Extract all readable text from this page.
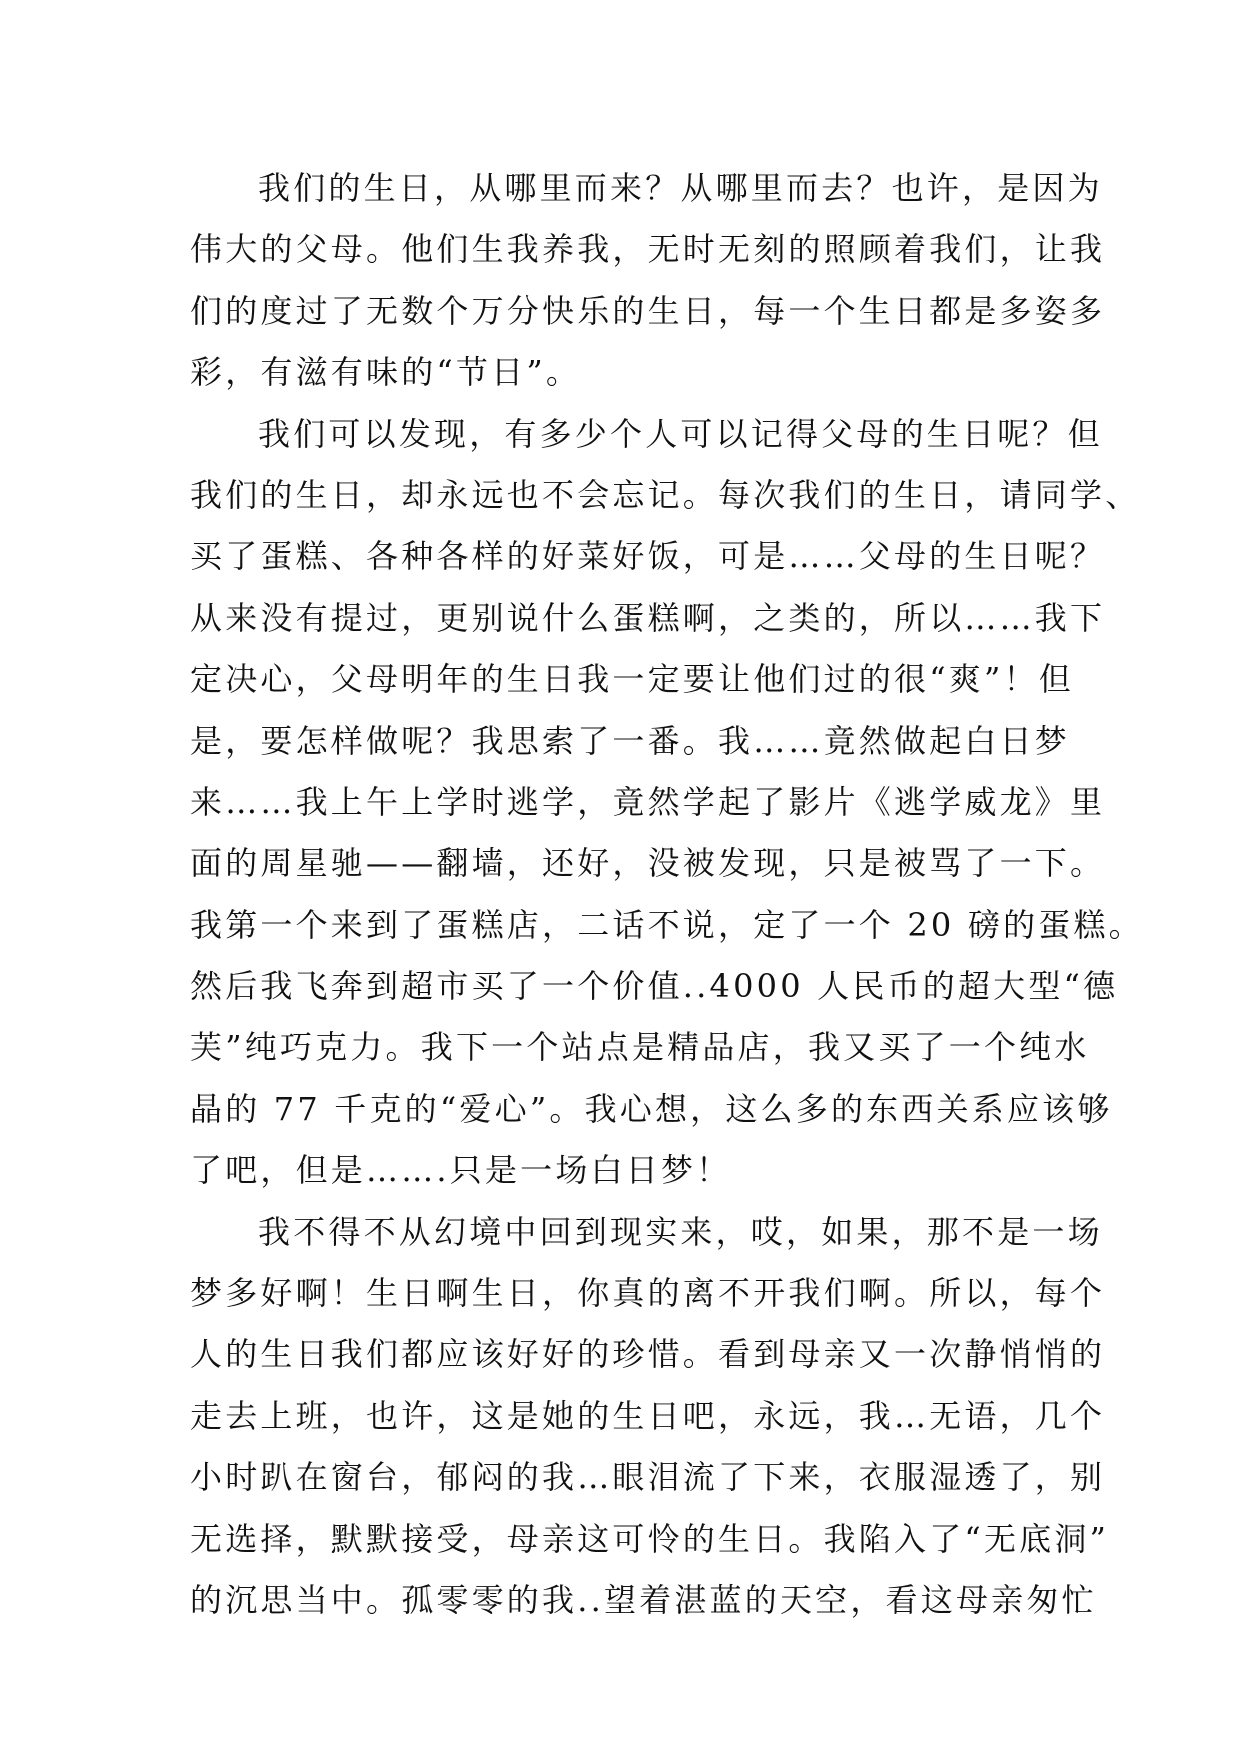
我们的生日，从哪里而来？从哪里而去？也许，是因为
伟大的父母。他们生我养我，无时无刻的照顾着我们，让我
们的度过了无数个万分快乐的生日，每一个生日都是多姿多
彩，有滋有味的“节日”。
我们可以发现，有多少个人可以记得父母的生日呢？但
我们的生日，却永远也不会忘记。每次我们的生日，请同学、
买了蛋糕、各种各样的好菜好饭，可是……父母的生日呢？
从来没有提过，更别说什么蛋糕啊，之类的，所以……我下
定决心，父母明年的生日我一定要让他们过的很“爽”！但
是，要怎样做呢？我思索了一番。我……竟然做起白日梦
来……我上午上学时逃学，竟然学起了影片《逃学威龙》里
面的周星驰——翻墙，还好，没被发现，只是被骂了一下。
我第一个来到了蛋糕店，二话不说，定了一个 20 磅的蛋糕。
然后我飞奔到超市买了一个价值..4000 人民币的超大型“德
芙”纯巧克力。我下一个站点是精品店，我又买了一个纯水
晶的 77 千克的“爱心”。我心想，这么多的东西关系应该够
了吧，但是…….只是一场白日梦！
我不得不从幻境中回到现实来，哎，如果，那不是一场
梦多好啊！生日啊生日，你真的离不开我们啊。所以，每个
人的生日我们都应该好好的珍惜。看到母亲又一次静悄悄的
走去上班，也许，这是她的生日吧，永远，我…无语，几个
小时趴在窗台，郁闷的我…眼泪流了下来，衣服湿透了，别
无选择，默默接受，母亲这可怜的生日。我陷入了“无底洞”
的沉思当中。孤零零的我..望着湛蓝的天空，看这母亲匆忙
